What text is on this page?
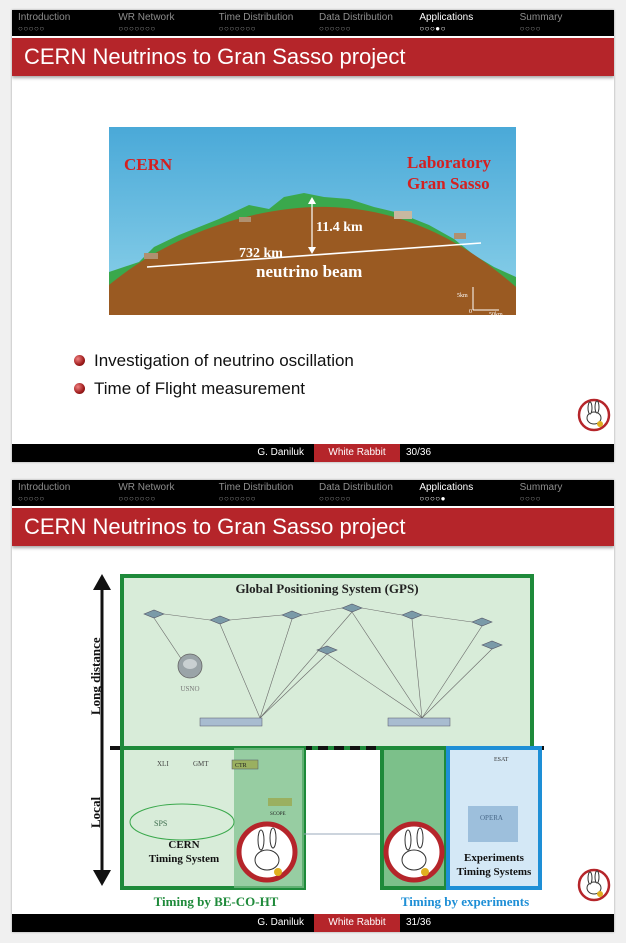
Introduction
○○○○○
WR Network
○○○○○○○
Time Distribution
○○○○○○○
Data Distribution
○○○○○○
Applications
○○○●○
Summary
○○○○
CERN Neutrinos to Gran Sasso project
CERN	Laboratory
Gran Sasso
11.4 km
732 km
neutrino beam
5km
0	50km
Investigation of neutrino oscillation
Time of Flight measurement
G. Daniluk	White Rabbit	30/36
Introduction
○○○○○
WR Network
○○○○○○○
Time Distribution
○○○○○○○
Data Distribution
○○○○○○
Applications
○○○○●
Summary
○○○○
CERN Neutrinos to Gran Sasso project
Long distance
Local
Global Positioning System (GPS)
USNO
SPS
XLI	GMT	CTR
SCOPE
CERN
Timing System
ESAT
OPERA
Experiments
Timing Systems
Timing by BE-CO-HT	Timing by experiments
G. Daniluk	White Rabbit	31/36
